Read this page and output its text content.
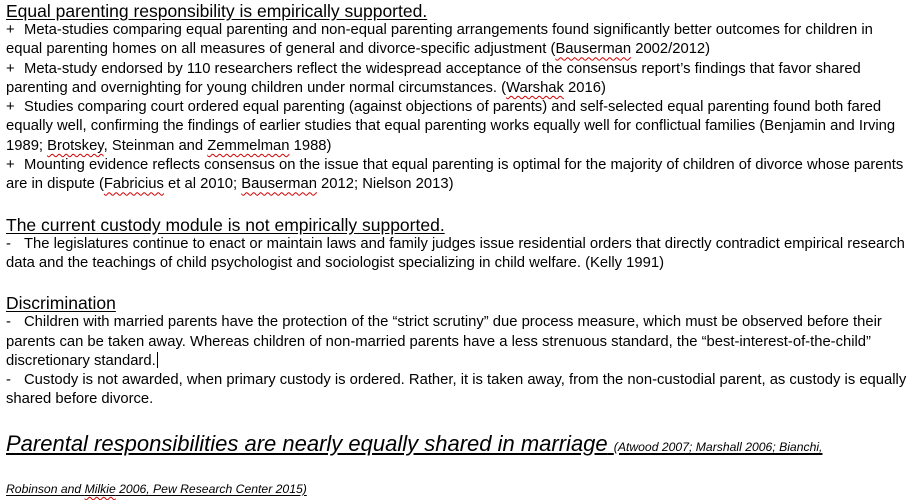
Equal parenting responsibility is empirically supported.

+ Meta-studies comparing equal parenting and non-equal parenting arrangements found significantly better outcomes for children in equal parenting homes on all measures of general and divorce-specific adjustment (Bauserman 2002/2012)

+ Meta-study endorsed by 110 researchers reflect the widespread acceptance of the consensus report’s findings that favor shared parenting and overnighting for young children under normal circumstances. (Warshak 2016)

+ Studies comparing court ordered equal parenting (against objections of parents) and self-selected equal parenting found both fared equally well, confirming the findings of earlier studies that equal parenting works equally well for conflictual families (Benjamin and Irving 1989; Brotskey, Steinman and Zemmelman 1988)

+ Mounting evidence reflects consensus on the issue that equal parenting is optimal for the majority of children of divorce whose parents are in dispute (Fabricius et al 2010; Bauserman 2012; Nielson 2013)

The current custody module is not empirically supported.

- The legislatures continue to enact or maintain laws and family judges issue residential orders that directly contradict empirical research data and the teachings of child psychologist and sociologist specializing in child welfare. (Kelly 1991)

Discrimination

- Children with married parents have the protection of the “strict scrutiny” due process measure, which must be observed before their parents can be taken away. Whereas children of non-married parents have a less strenuous standard, the “best-interest-of-the-child” discretionary standard.

- Custody is not awarded, when primary custody is ordered. Rather, it is taken away, from the non-custodial parent, as custody is equally shared before divorce.

Parental responsibilities are nearly equally shared in marriage (Atwood 2007; Marshall 2006; Bianchi,

Robinson and Milkie 2006, Pew Research Center 2015)
